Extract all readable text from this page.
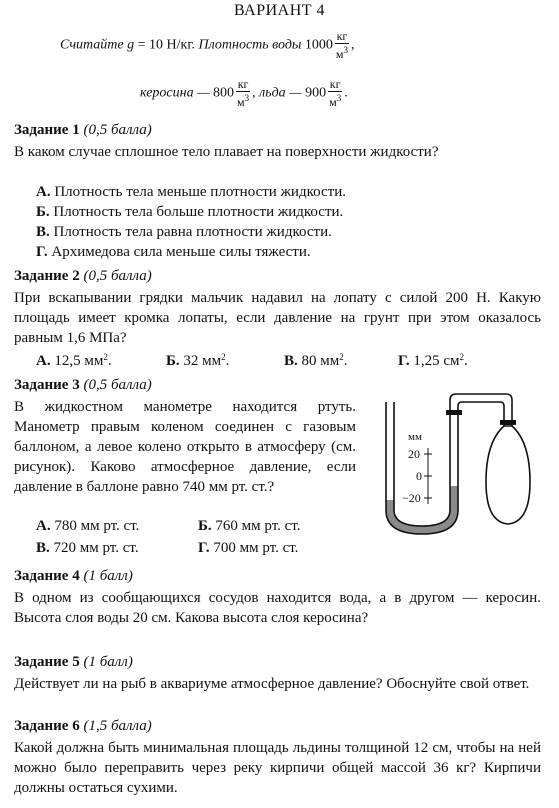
ВАРИАНТ 4
Считайте g = 10 Н/кг. Плотность воды $1000 \frac{кг}{м^3}$ ,
керосина — $800 \frac{кг}{м^3}$ , льда — $900 \frac{кг}{м^3}$ .
Задание 1 (0,5 балла)
В каком случае сплошное тело плавает на поверхности жидкости?
А. Плотность тела меньше плотности жидкости.
Б. Плотность тела больше плотности жидкости.
В. Плотность тела равна плотности жидкости.
Г. Архимедова сила меньше силы тяжести.
Задание 2 (0,5 балла)
При вскапывании грядки мальчик надавил на лопату с силой 200 Н. Какую площадь имеет кромка лопаты, если давление на грунт при этом оказалось равным 1,6 МПа?
А. 12,5 $мм^2$.	Б. 32 $мм^2$.	В. 80 $мм^2$.	Г. 1,25 $см^2$.
Задание 3 (0,5 балла)
В жидкостном манометре находится ртуть. Манометр правым коленом соединен с газовым баллоном, а левое колено открыто в атмосферу (см. рисунок). Каково атмосферное давление, если давление в баллоне равно 740 мм рт. ст.?
А. 780 мм рт. ст.	Б. 760 мм рт. ст.
В. 720 мм рт. ст.	Г. 700 мм рт. ст.
мм
20
0
−20
Задание 4 (1 балл)
В одном из сообщающихся сосудов находится вода, а в другом — керосин. Высота слоя воды 20 см. Какова высота слоя керосина?
Задание 5 (1 балл)
Действует ли на рыб в аквариуме атмосферное давление? Обоснуйте свой ответ.
Задание 6 (1,5 балла)
Какой должна быть минимальная площадь льдины толщиной 12 см, чтобы на ней можно было переправить через реку кирпичи общей массой 36 кг? Кирпичи должны остаться сухими.
